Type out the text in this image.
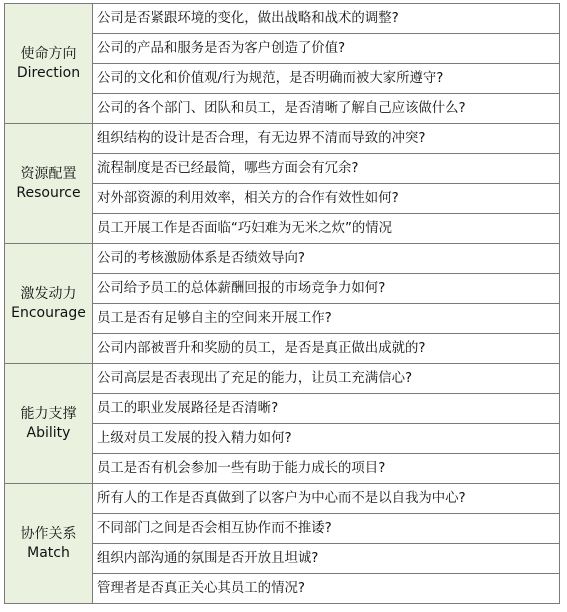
使命方向
Direction
公司是否紧跟环境的变化，做出战略和战术的调整?
公司的产品和服务是否为客户创造了价值?
公司的文化和价值观/行为规范，是否明确而被大家所遵守?
公司的各个部门、团队和员工，是否清晰了解自己应该做什么?
资源配置
Resource
组织结构的设计是否合理，有无边界不清而导致的冲突?
流程制度是否已经最简，哪些方面会有冗余?
对外部资源的利用效率，相关方的合作有效性如何?
员工开展工作是否面临“巧妇难为无米之炊”的情况
激发动力
Encourage
公司的考核激励体系是否绩效导向?
公司给予员工的总体薪酬回报的市场竞争力如何?
员工是否有足够自主的空间来开展工作?
公司内部被晋升和奖励的员工，是否是真正做出成就的?
能力支撑
Ability
公司高层是否表现出了充足的能力，让员工充满信心?
员工的职业发展路径是否清晰?
上级对员工发展的投入精力如何?
员工是否有机会参加一些有助于能力成长的项目?
协作关系
Match
所有人的工作是否真做到了以客户为中心而不是以自我为中心?
不同部门之间是否会相互协作而不推诿?
组织内部沟通的氛围是否开放且坦诚?
管理者是否真正关心其员工的情况?
